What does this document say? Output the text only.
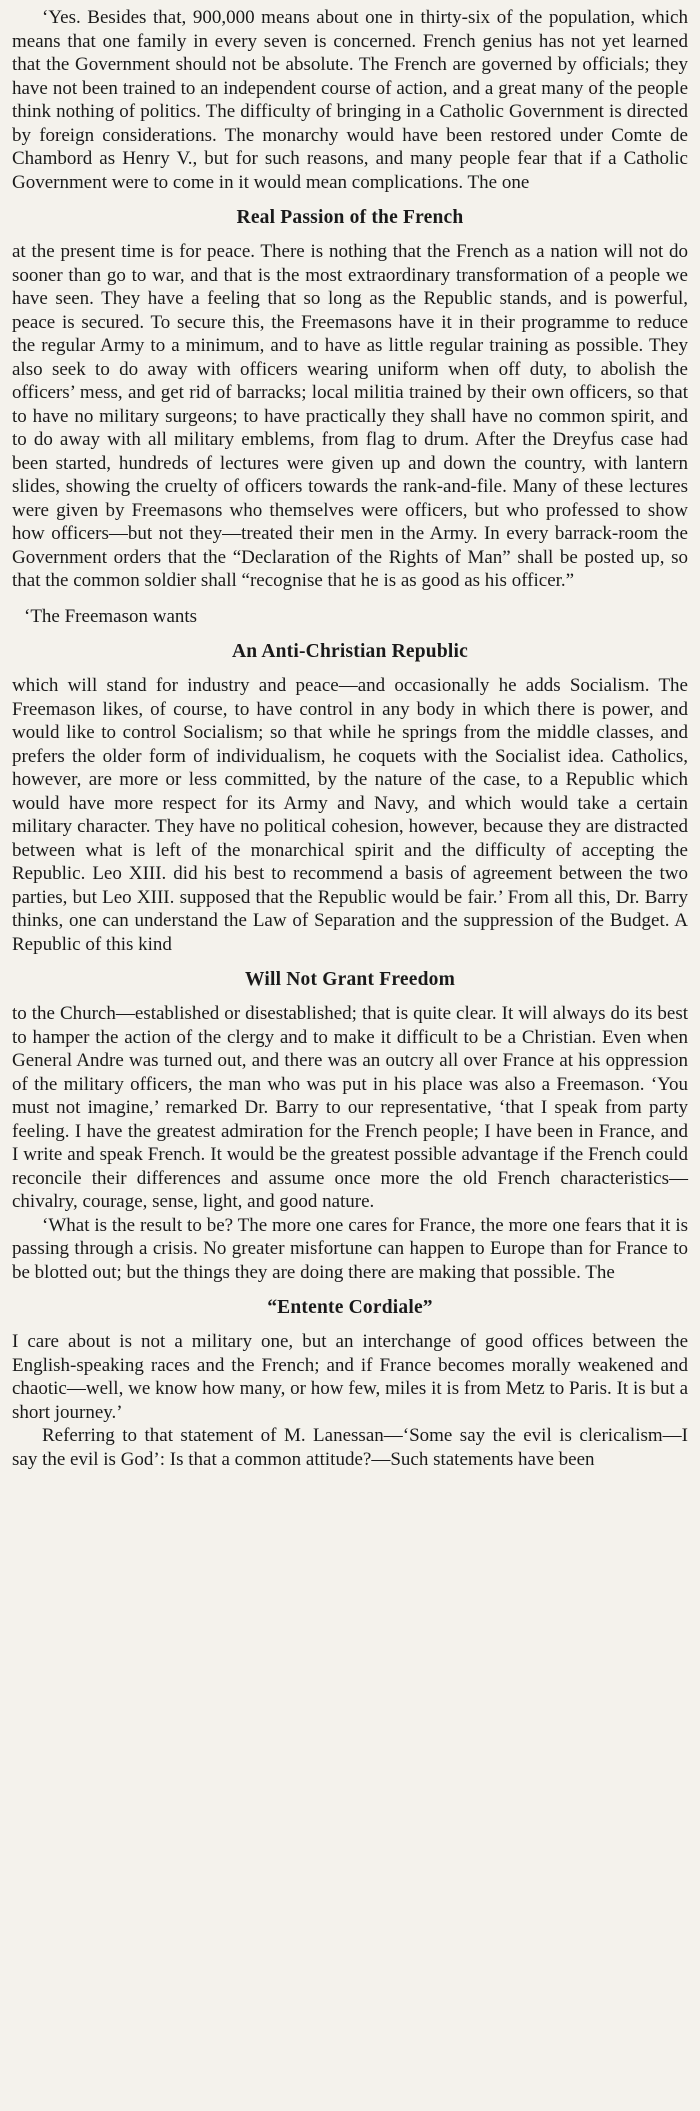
‘Yes. Besides that, 900,000 means about one in thirty-six of the population, which means that one family in every seven is concerned. French genius has not yet learned that the Government should not be absolute. The French are governed by officials; they have not been trained to an independent course of action, and a great many of the people think nothing of politics. The difficulty of bringing in a Catholic Government is directed by foreign considerations. The monarchy would have been restored under Comte de Chambord as Henry V., but for such reasons, and many people fear that if a Catholic Government were to come in it would mean complications. The one

Real Passion of the French

at the present time is for peace. There is nothing that the French as a nation will not do sooner than go to war, and that is the most extraordinary transformation of a people we have seen. They have a feeling that so long as the Republic stands, and is powerful, peace is secured. To secure this, the Freemasons have it in their programme to reduce the regular Army to a minimum, and to have as little regular training as possible. They also seek to do away with officers wearing uniform when off duty, to abolish the officers’ mess, and get rid of barracks; local militia trained by their own officers, so that to have no military surgeons; to have practically they shall have no common spirit, and to do away with all military emblems, from flag to drum. After the Dreyfus case had been started, hundreds of lectures were given up and down the country, with lantern slides, showing the cruelty of officers towards the rank-and-file. Many of these lectures were given by Freemasons who themselves were officers, but who professed to show how officers—but not they—treated their men in the Army. In every barrack-room the Government orders that the “Declaration of the Rights of Man” shall be posted up, so that the common soldier shall “recognise that he is as good as his officer.”

‘The Freemason wants

An Anti-Christian Republic

which will stand for industry and peace—and occasionally he adds Socialism. The Freemason likes, of course, to have control in any body in which there is power, and would like to control Socialism; so that while he springs from the middle classes, and prefers the older form of individualism, he coquets with the Socialist idea. Catholics, however, are more or less committed, by the nature of the case, to a Republic which would have more respect for its Army and Navy, and which would take a certain military character. They have no political cohesion, however, because they are distracted between what is left of the monarchical spirit and the difficulty of accepting the Republic. Leo XIII. did his best to recommend a basis of agreement between the two parties, but Leo XIII. supposed that the Republic would be fair.’ From all this, Dr. Barry thinks, one can understand the Law of Separation and the suppression of the Budget. A Republic of this kind

Will Not Grant Freedom

to the Church—established or disestablished; that is quite clear. It will always do its best to hamper the action of the clergy and to make it difficult to be a Christian. Even when General Andre was turned out, and there was an outcry all over France at his oppression of the military officers, the man who was put in his place was also a Freemason. ‘You must not imagine,’ remarked Dr. Barry to our representative, ‘that I speak from party feeling. I have the greatest admiration for the French people; I have been in France, and I write and speak French. It would be the greatest possible advantage if the French could reconcile their differences and assume once more the old French characteristics—chivalry, courage, sense, light, and good nature.

‘What is the result to be? The more one cares for France, the more one fears that it is passing through a crisis. No greater misfortune can happen to Europe than for France to be blotted out; but the things they are doing there are making that possible. The

“Entente Cordiale”

I care about is not a military one, but an interchange of good offices between the English-speaking races and the French; and if France becomes morally weakened and chaotic—well, we know how many, or how few, miles it is from Metz to Paris. It is but a short journey.’

Referring to that statement of M. Lanessan—‘Some say the evil is clericalism—I say the evil is God’: Is that a common attitude?—Such statements have been
